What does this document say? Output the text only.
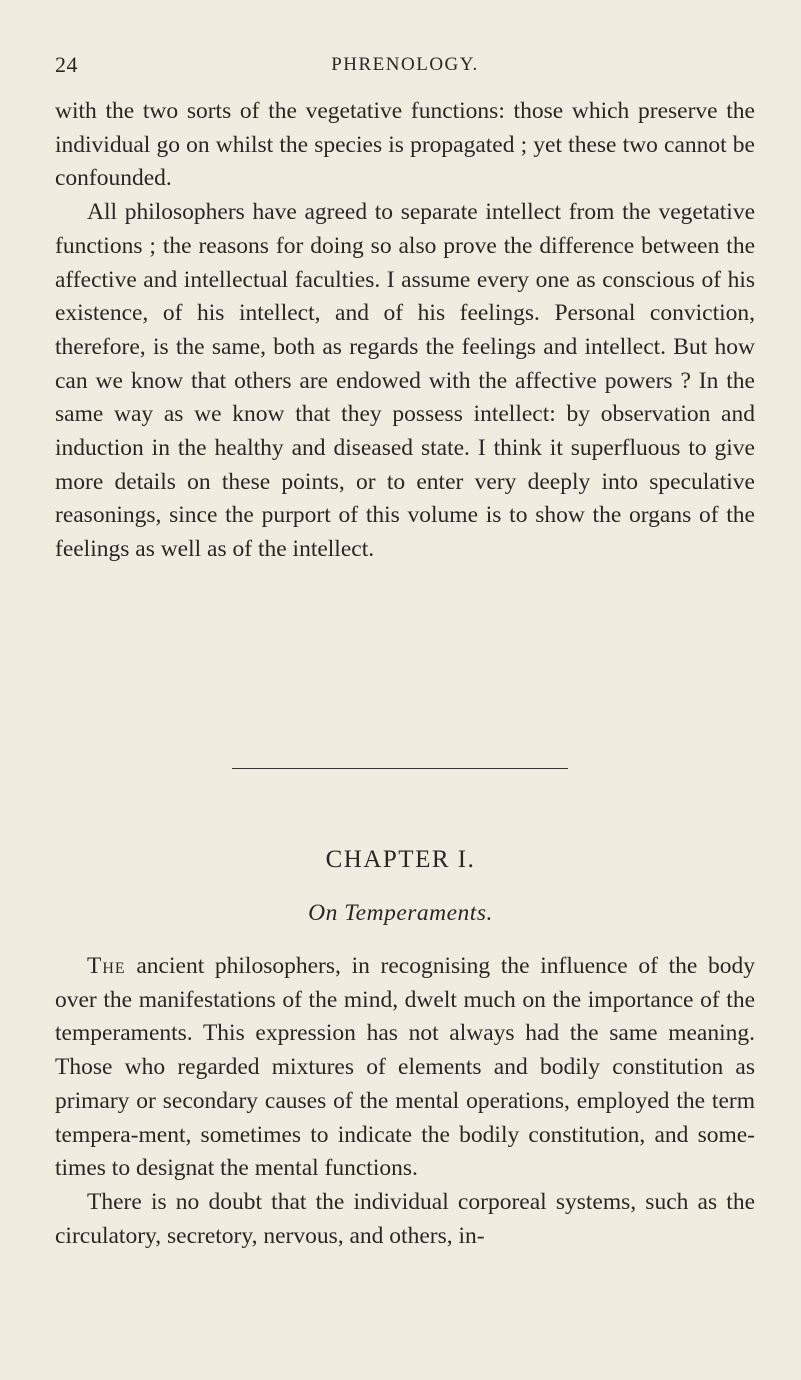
24	PHRENOLOGY.

with the two sorts of the vegetative functions: those which preserve the individual go on whilst the species is propagated ; yet these two cannot be confounded.

All philosophers have agreed to separate intellect from the vegetative functions ; the reasons for doing so also prove the difference between the affective and intellectual faculties. I assume every one as conscious of his existence, of his intellect, and of his feelings. Personal conviction, therefore, is the same, both as regards the feelings and intellect. But how can we know that others are endowed with the affective powers ? In the same way as we know that they possess intellect: by observation and induction in the healthy and diseased state. I think it superfluous to give more details on these points, or to enter very deeply into speculative reasonings, since the purport of this volume is to show the organs of the feelings as well as of the intellect.

CHAPTER I.
On Temperaments.

The ancient philosophers, in recognising the influence of the body over the manifestations of the mind, dwelt much on the importance of the temperaments. This expression has not always had the same meaning. Those who regarded mixtures of elements and bodily constitution as primary or secondary causes of the mental operations, employed the term tempera-ment, sometimes to indicate the bodily constitution, and some-times to designat the mental functions.

There is no doubt that the individual corporeal systems, such as the circulatory, secretory, nervous, and others, in-
